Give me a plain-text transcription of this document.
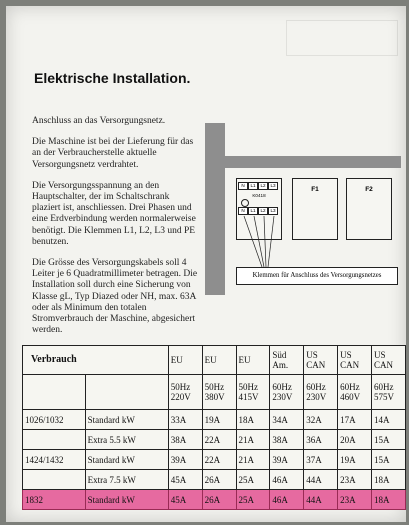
Elektrische Installation.

Anschluss an das Versorgungsnetz.

Die Maschine ist bei der Lieferung für das an der Verbraucherstelle aktuelle Versorgungsnetz verdrahtet.

Die Versorgungsspannung an den Hauptschalter, der im Schaltschrank plaziert ist, anschliessen. Drei Phasen und eine Erdverbindung werden normalerweise benötigt. Die Klemmen L1, L2, L3 und PE benutzen.

Die Grösse des Versorgungskabels soll 4 Leiter je 6 Quadratmillimeter betragen. Die Installation soll durch eine Sicherung von Klasse gL, Typ Diazed oder NH, max. 63A oder als Minimum den totalen Stromverbrauch der Maschine, abgesichert werden.

N	L1	L2	L3
K0418
N	L1	L2	L3
F1	F2
Klemmen für Anschluss des Versorgungsnetzes
Verbrauch		EU	EU	EU	Süd Am.	US CAN	US CAN	US CAN
		50Hz 220V	50Hz 380V	50Hz 415V	60Hz 230V	60Hz 230V	60Hz 460V	60Hz 575V
1026/1032	Standard kW	33A	19A	18A	34A	32A	17A	14A
	Extra 5.5 kW	38A	22A	21A	38A	36A	20A	15A
1424/1432	Standard kW	39A	22A	21A	39A	37A	19A	15A
	Extra 7.5 kW	45A	26A	25A	46A	44A	23A	18A
1832	Standard kW	45A	26A	25A	46A	44A	23A	18A
